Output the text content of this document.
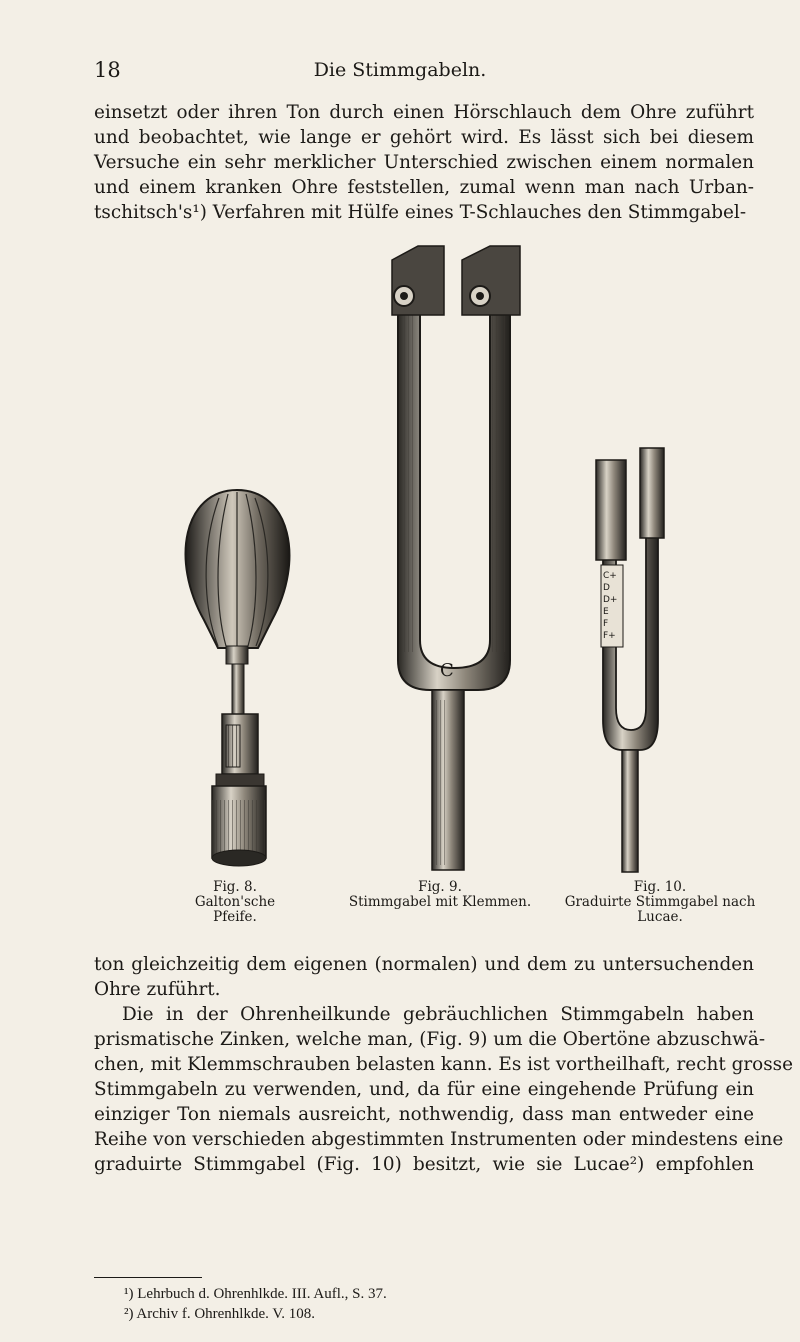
18	Die Stimmgabeln.
einsetzt oder ihren Ton durch einen Hörschlauch dem Ohre zuführt
und beobachtet, wie lange er gehört wird. Es lässt sich bei diesem
Versuche ein sehr merklicher Unterschied zwischen einem normalen
und einem kranken Ohre feststellen, zumal wenn man nach Urban-
tschitsch's¹) Verfahren mit Hülfe eines T-Schlauches den Stimmgabel-
C
C+
D
D+
E
F
F+
Fig. 8.
Galton'sche Pfeife.
Fig. 9.
Stimmgabel mit Klemmen.
Fig. 10.
Graduirte Stimmgabel nach Lucae.
ton gleichzeitig dem eigenen (normalen) und dem zu untersuchenden
Ohre zuführt.
Die in der Ohrenheilkunde gebräuchlichen Stimmgabeln haben
prismatische Zinken, welche man, (Fig. 9) um die Obertöne abzuschwä-
chen, mit Klemmschrauben belasten kann. Es ist vortheilhaft, recht grosse
Stimmgabeln zu verwenden, und, da für eine eingehende Prüfung ein
einziger Ton niemals ausreicht, nothwendig, dass man entweder eine
Reihe von verschieden abgestimmten Instrumenten oder mindestens eine
graduirte Stimmgabel (Fig. 10) besitzt, wie sie Lucae²) empfohlen
¹) Lehrbuch d. Ohrenhlkde. III. Aufl., S. 37.
²) Archiv f. Ohrenhlkde. V. 108.
